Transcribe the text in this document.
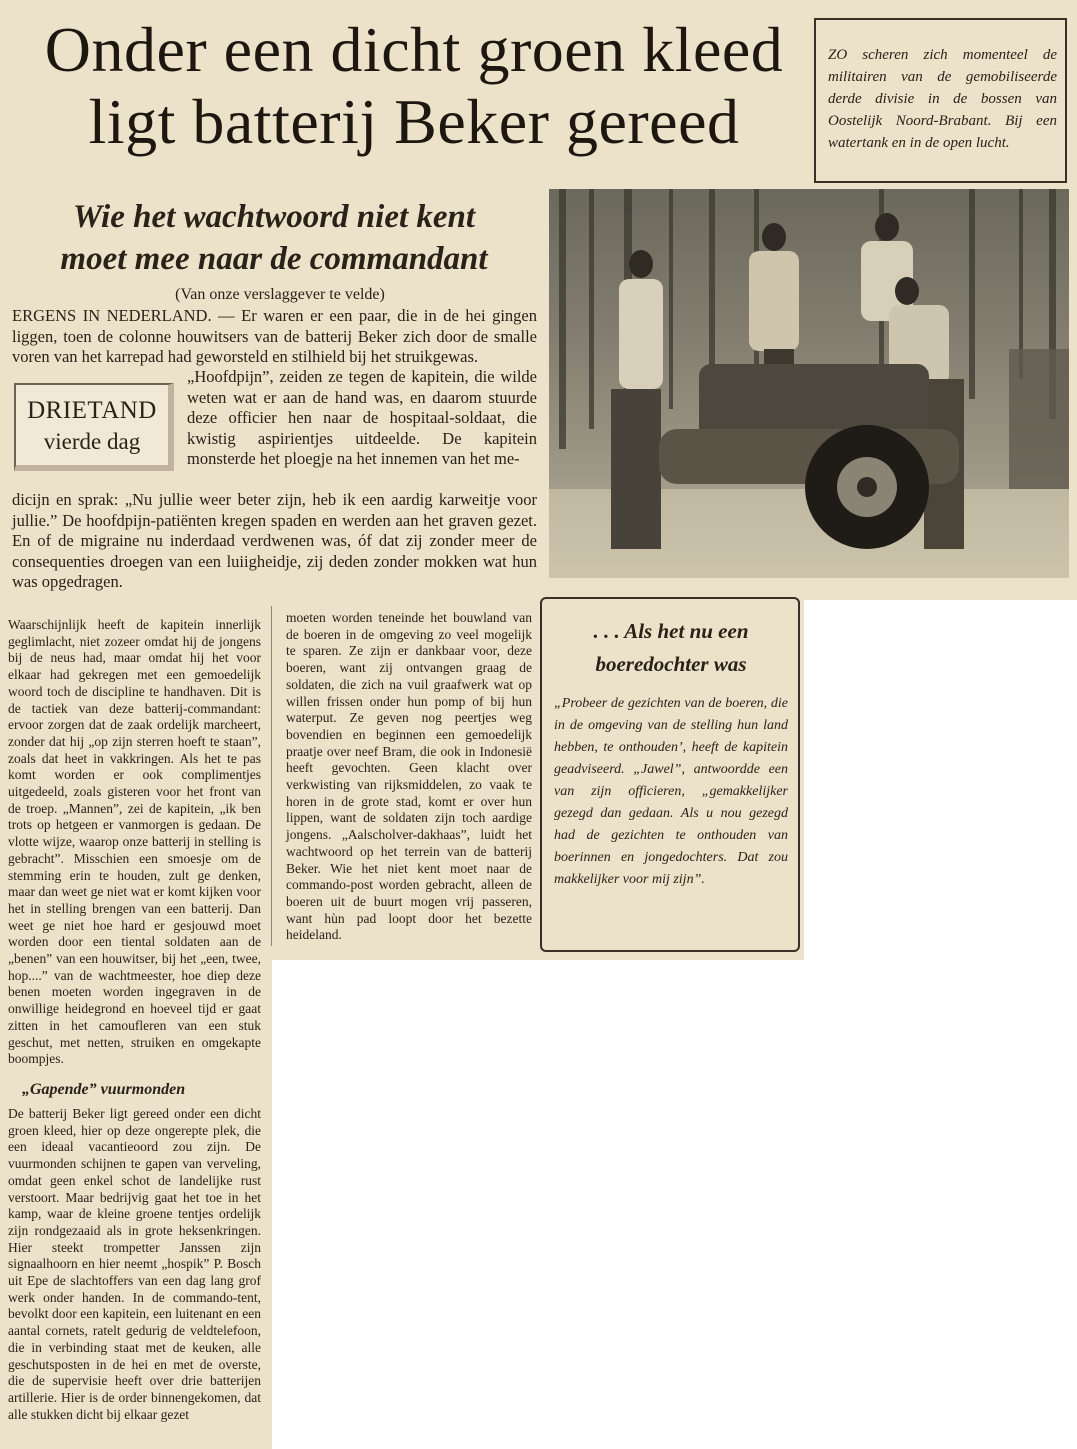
Onder een dicht groen kleed
ligt batterij Beker gereed

ZO scheren zich momenteel de militairen van de gemobiliseerde derde divisie in de bossen van Oostelijk Noord-Brabant. Bij een watertank en in de open lucht.

Wie het wachtwoord niet kent
moet mee naar de commandant
(Van onze verslaggever te velde)

ERGENS IN NEDERLAND. — Er waren er een paar, die in de hei gingen liggen, toen de colonne houwitsers van de batterij Beker zich door de smalle voren van het karrepad had geworsteld en stilhield bij het struikgewas.

DRIETAND
vierde dag

„Hoofdpijn”, zeiden ze tegen de kapitein, die wilde weten wat er aan de hand was, en daarom stuurde deze officier hen naar de hospitaal-soldaat, die kwistig aspirientjes uitdeelde. De kapitein monsterde het ploegje na het innemen van het me-

dicijn en sprak: „Nu jullie weer beter zijn, heb ik een aardig karweitje voor jullie.” De hoofdpijn-patiënten kregen spaden en werden aan het graven gezet. En of de migraine nu inderdaad verdwenen was, óf dat zij zonder meer de consequenties droegen van een luiigheidje, zij deden zonder mokken wat hun was opgedragen.

Waarschijnlijk heeft de kapitein innerlijk geglimlacht, niet zozeer omdat hij de jongens bij de neus had, maar omdat hij het voor elkaar had gekregen met een gemoedelijk woord toch de discipline te handhaven. Dit is de tactiek van deze batterij-commandant: ervoor zorgen dat de zaak ordelijk marcheert, zonder dat hij „op zijn sterren hoeft te staan”, zoals dat heet in vakkringen. Als het te pas komt worden er ook complimentjes uitgedeeld, zoals gisteren voor het front van de troep. „Mannen”, zei de kapitein, „ik ben trots op hetgeen er vanmorgen is gedaan. De vlotte wijze, waarop onze batterij in stelling is gebracht”. Misschien een smoesje om de stemming erin te houden, zult ge denken, maar dan weet ge niet wat er komt kijken voor het in stelling brengen van een batterij. Dan weet ge niet hoe hard er gesjouwd moet worden door een tiental soldaten aan de „benen” van een houwitser, bij het „een, twee, hop....” van de wachtmeester, hoe diep deze benen moeten worden ingegraven in de onwillige heidegrond en hoeveel tijd er gaat zitten in het camoufleren van een stuk geschut, met netten, struiken en omgekapte boompjes.

„Gapende” vuurmonden

De batterij Beker ligt gereed onder een dicht groen kleed, hier op deze ongerepte plek, die een ideaal vacantieoord zou zijn. De vuurmonden schijnen te gapen van verveling, omdat geen enkel schot de landelijke rust verstoort. Maar bedrijvig gaat het toe in het kamp, waar de kleine groene tentjes ordelijk zijn rondgezaaid als in grote heksenkringen. Hier steekt trompetter Janssen zijn signaalhoorn en hier neemt „hospik” P. Bosch uit Epe de slachtoffers van een dag lang grof werk onder handen. In de commando-tent, bevolkt door een kapitein, een luitenant en een aantal cornets, ratelt gedurig de veldtelefoon, die in verbinding staat met de keuken, alle geschutsposten in de hei en met de overste, die de supervisie heeft over drie batterijen artillerie. Hier is de order binnengekomen, dat alle stukken dicht bij elkaar gezet

moeten worden teneinde het bouwland van de boeren in de omgeving zo veel mogelijk te sparen. Ze zijn er dankbaar voor, deze boeren, want zij ontvangen graag de soldaten, die zich na vuil graafwerk wat op willen frissen onder hun pomp of bij hun waterput. Ze geven nog peertjes weg bovendien en beginnen een gemoedelijk praatje over neef Bram, die ook in Indonesië heeft gevochten. Geen klacht over verkwisting van rijksmiddelen, zo vaak te horen in de grote stad, komt er over hun lippen, want de soldaten zijn toch aardige jongens. „Aalscholver-dakhaas”, luidt het wachtwoord op het terrein van de batterij Beker. Wie het niet kent moet naar de commando-post worden gebracht, alleen de boeren uit de buurt mogen vrij passeren, want hùn pad loopt door het bezette heideland.

. . . Als het nu een
boeredochter was

„Probeer de gezichten van de boeren, die in de omgeving van de stelling hun land hebben, te onthouden’, heeft de kapitein geadviseerd. „Jawel”, antwoordde een van zijn officieren, „gemakkelijker gezegd dan gedaan. Als u nou gezegd had de gezichten te onthouden van boerinnen en jongedochters. Dat zou makkelijker voor mij zijn”.
